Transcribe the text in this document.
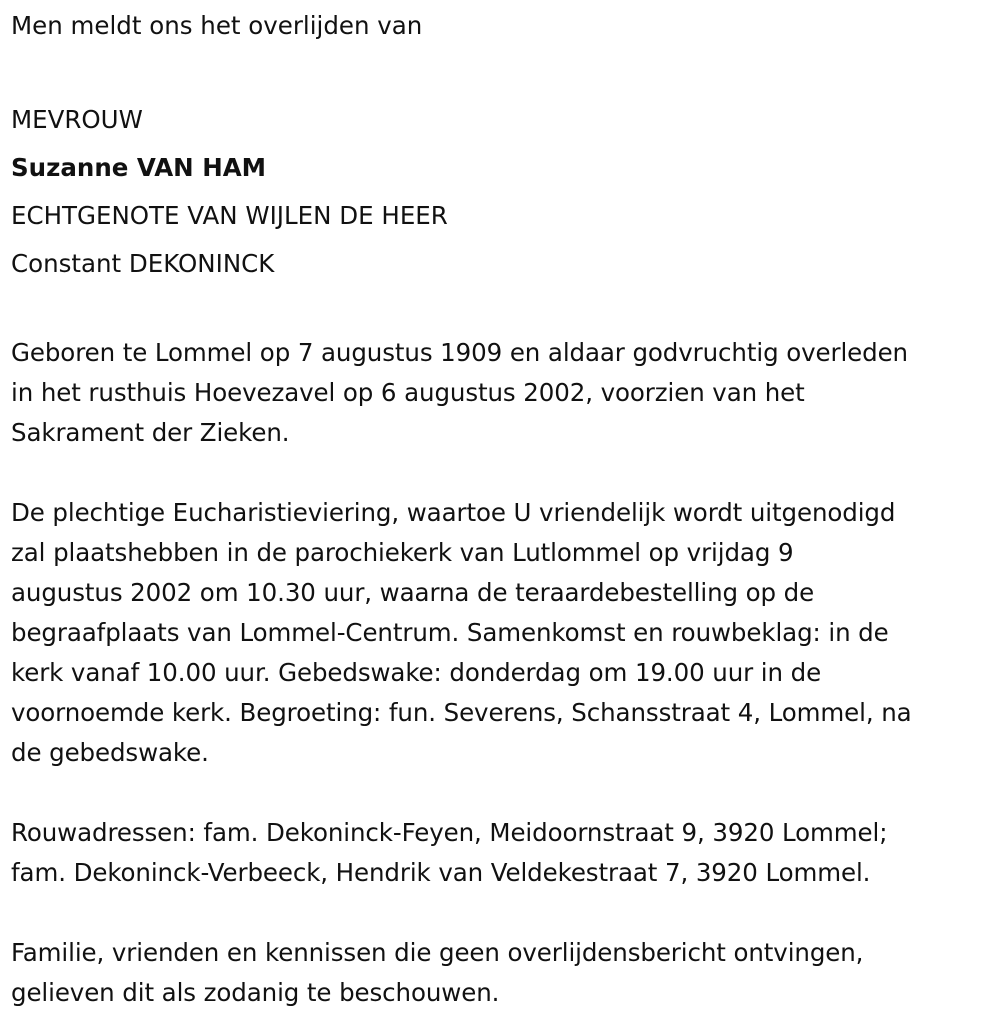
Men meldt ons het overlijden van

MEVROUW
Suzanne VAN HAM
ECHTGENOTE VAN WIJLEN DE HEER
Constant DEKONINCK

Geboren te Lommel op 7 augustus 1909 en aldaar godvruchtig overleden
in het rusthuis Hoevezavel op 6 augustus 2002, voorzien van het
Sakrament der Zieken.

De plechtige Eucharistieviering, waartoe U vriendelijk wordt uitgenodigd
zal plaatshebben in de parochiekerk van Lutlommel op vrijdag 9
augustus 2002 om 10.30 uur, waarna de teraardebestelling op de
begraafplaats van Lommel-Centrum. Samenkomst en rouwbeklag: in de
kerk vanaf 10.00 uur. Gebedswake: donderdag om 19.00 uur in de
voornoemde kerk. Begroeting: fun. Severens, Schansstraat 4, Lommel, na
de gebedswake.

Rouwadressen: fam. Dekoninck-Feyen, Meidoornstraat 9, 3920 Lommel;
fam. Dekoninck-Verbeeck, Hendrik van Veldekestraat 7, 3920 Lommel.

Familie, vrienden en kennissen die geen overlijdensbericht ontvingen,
gelieven dit als zodanig te beschouwen.
